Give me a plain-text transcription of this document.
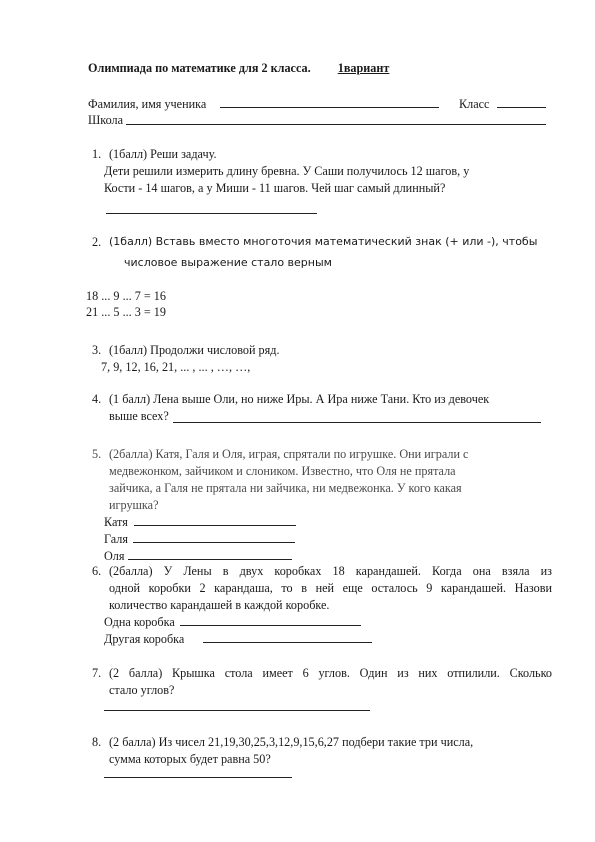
Олимпиада по математике для 2 класса. 1вариант
Фамилия, имя ученика	Класс
Школа
1. (1балл) Реши задачу.
Дети решили измерить длину бревна. У Саши получилось 12 шагов, у
Кости - 14 шагов, а у Миши - 11 шагов. Чей шаг самый длинный?
2. (1балл) Вставь вместо многоточия математический знак (+ или -), чтобы
числовое выражение стало верным
18 ... 9 ... 7 = 16
21 ... 5 ... 3 = 19
3. (1балл) Продолжи числовой ряд.
7, 9, 12, 16, 21, ... , ... , …, …,
4. (1 балл) Лена выше Оли, но ниже Иры. А Ира ниже Тани. Кто из девочек
выше всех?
5. (2балла) Катя, Галя и Оля, играя, спрятали по игрушке. Они играли с
медвежонком, зайчиком и слоником. Известно, что Оля не прятала
зайчика, а Галя не прятала ни зайчика, ни медвежонка. У кого какая
игрушка?
Катя
Галя
Оля
6. (2балла) У Лены в двух коробках 18 карандашей. Когда она взяла из
одной коробки 2 карандаша, то в ней еще осталось 9 карандашей. Назови
количество карандашей в каждой коробке.
Одна коробка
Другая коробка
7. (2 балла) Крышка стола имеет 6 углов. Один из них отпилили. Сколько
стало углов?
8. (2 балла) Из чисел 21,19,30,25,3,12,9,15,6,27 подбери такие три числа,
сумма которых будет равна 50?
